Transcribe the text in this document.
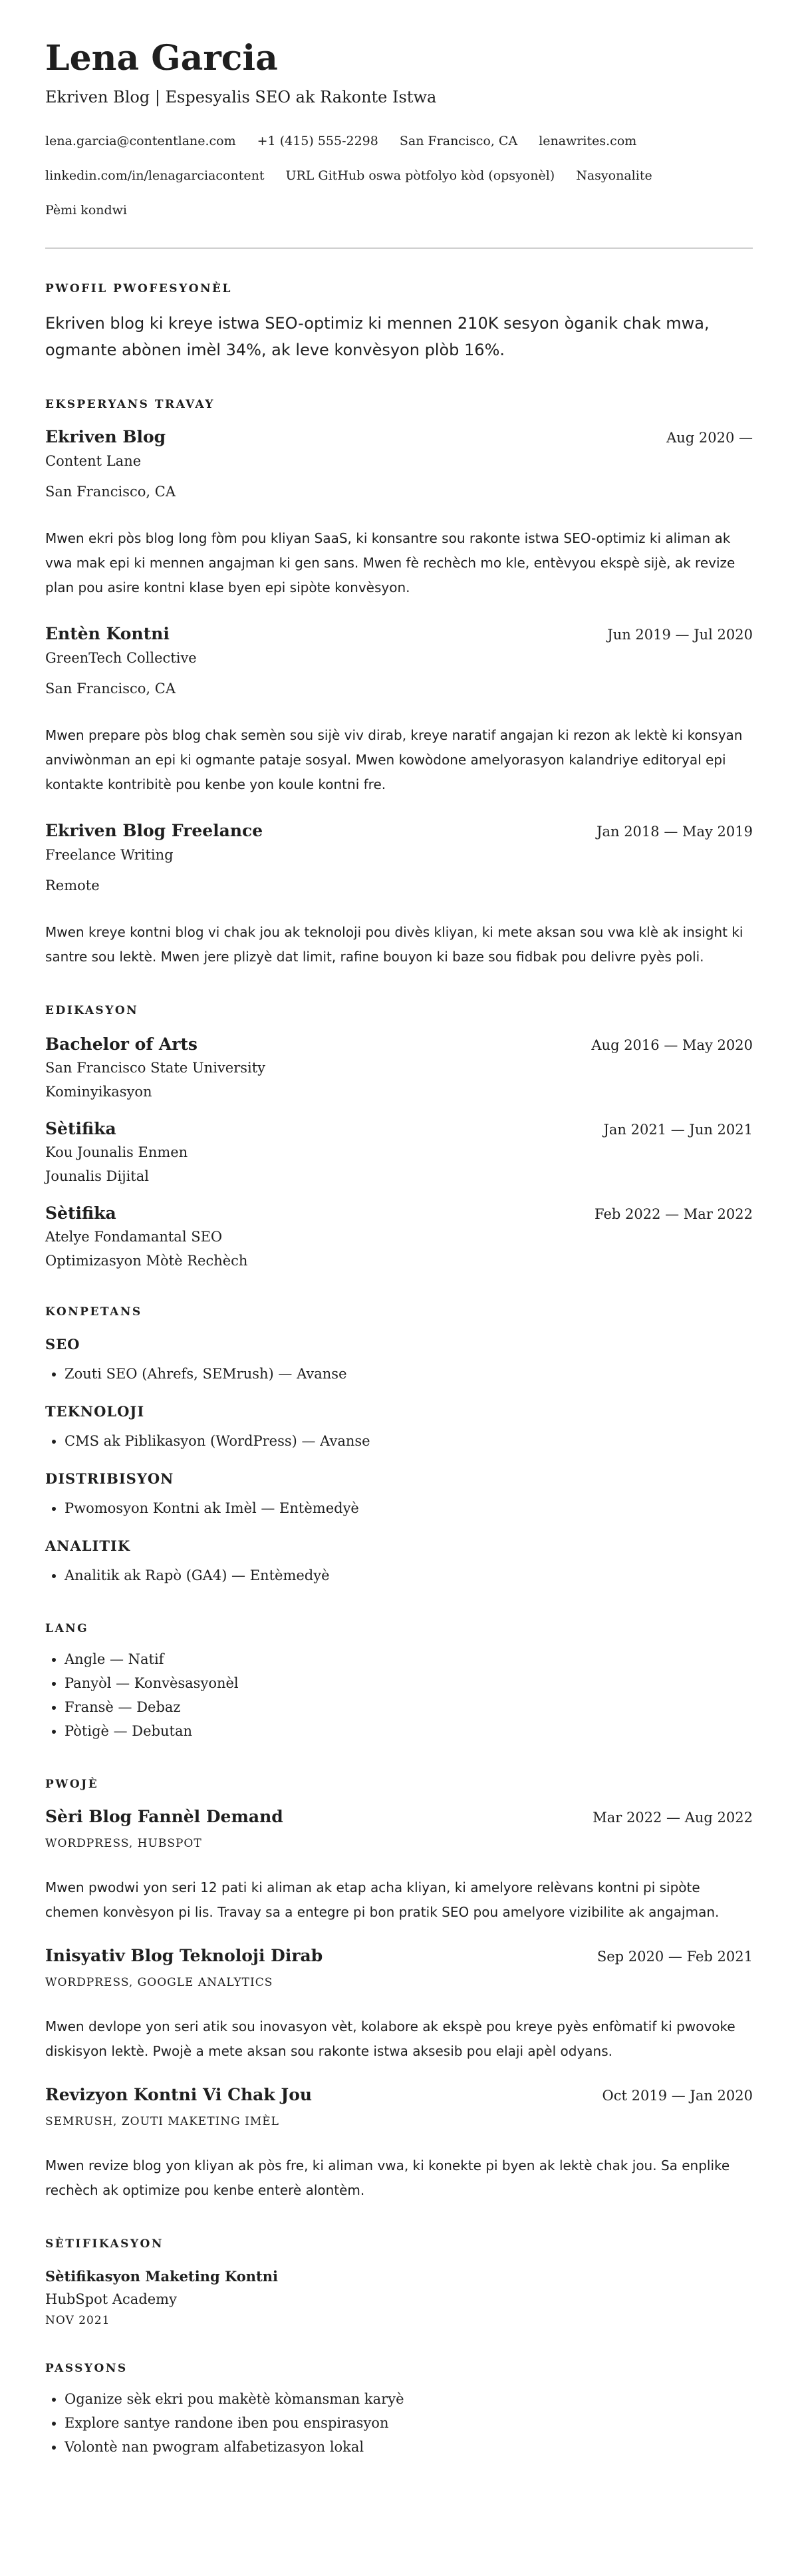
Lena Garcia
Ekriven Blog | Espesyalis SEO ak Rakonte Istwa
lena.garcia@contentlane.com +1 (415) 555-2298 San Francisco, CA lenawrites.com
linkedin.com/in/lenagarciacontent URL GitHub oswa pòtfolyo kòd (opsyonèl) Nasyonalite
Pèmi kondwi
PWOFIL PWOFESYONÈL
Ekriven blog ki kreye istwa SEO-optimiz ki mennen 210K sesyon òganik chak mwa, ogmante abònen imèl 34%, ak leve konvèsyon plòb 16%.
EKSPERYANS TRAVAY
Ekriven Blog	Aug 2020 —
Content Lane
San Francisco, CA
Mwen ekri pòs blog long fòm pou kliyan SaaS, ki konsantre sou rakonte istwa SEO-optimiz ki aliman ak vwa mak epi ki mennen angajman ki gen sans. Mwen fè rechèch mo kle, entèvyou ekspè sijè, ak revize plan pou asire kontni klase byen epi sipòte konvèsyon.
Entèn Kontni	Jun 2019 — Jul 2020
GreenTech Collective
San Francisco, CA
Mwen prepare pòs blog chak semèn sou sijè viv dirab, kreye naratif angajan ki rezon ak lektè ki konsyan anviwònman an epi ki ogmante pataje sosyal. Mwen kowòdone amelyorasyon kalandriye editoryal epi kontakte kontribitè pou kenbe yon koule kontni fre.
Ekriven Blog Freelance	Jan 2018 — May 2019
Freelance Writing
Remote
Mwen kreye kontni blog vi chak jou ak teknoloji pou divès kliyan, ki mete aksan sou vwa klè ak insight ki santre sou lektè. Mwen jere plizyè dat limit, rafine bouyon ki baze sou fidbak pou delivre pyès poli.
EDIKASYON
Bachelor of Arts	Aug 2016 — May 2020
San Francisco State University
Kominyikasyon
Sètifika	Jan 2021 — Jun 2021
Kou Jounalis Enmen
Jounalis Dijital
Sètifika	Feb 2022 — Mar 2022
Atelye Fondamantal SEO
Optimizasyon Mòtè Rechèch
KONPETANS
SEO
• Zouti SEO (Ahrefs, SEMrush) — Avanse
TEKNOLOJI
• CMS ak Piblikasyon (WordPress) — Avanse
DISTRIBISYON
• Pwomosyon Kontni ak Imèl — Entèmedyè
ANALITIK
• Analitik ak Rapò (GA4) — Entèmedyè
LANG
• Angle — Natif
• Panyòl — Konvèsasyonèl
• Fransè — Debaz
• Pòtigè — Debutan
PWOJÈ
Sèri Blog Fannèl Demand	Mar 2022 — Aug 2022
WORDPRESS, HUBSPOT
Mwen pwodwi yon seri 12 pati ki aliman ak etap acha kliyan, ki amelyore relèvans kontni pi sipòte chemen konvèsyon pi lis. Travay sa a entegre pi bon pratik SEO pou amelyore vizibilite ak angajman.
Inisyativ Blog Teknoloji Dirab	Sep 2020 — Feb 2021
WORDPRESS, GOOGLE ANALYTICS
Mwen devlope yon seri atik sou inovasyon vèt, kolabore ak ekspè pou kreye pyès enfòmatif ki pwovoke diskisyon lektè. Pwojè a mete aksan sou rakonte istwa aksesib pou elaji apèl odyans.
Revizyon Kontni Vi Chak Jou	Oct 2019 — Jan 2020
SEMRUSH, ZOUTI MAKETING IMÈL
Mwen revize blog yon kliyan ak pòs fre, ki aliman vwa, ki konekte pi byen ak lektè chak jou. Sa enplike rechèch ak optimize pou kenbe enterè alontèm.
SÈTIFIKASYON
Sètifikasyon Maketing Kontni
HubSpot Academy
NOV 2021
PASSYONS
• Oganize sèk ekri pou makètè kòmansman karyè
• Explore santye randone iben pou enspirasyon
• Volontè nan pwogram alfabetizasyon lokal
